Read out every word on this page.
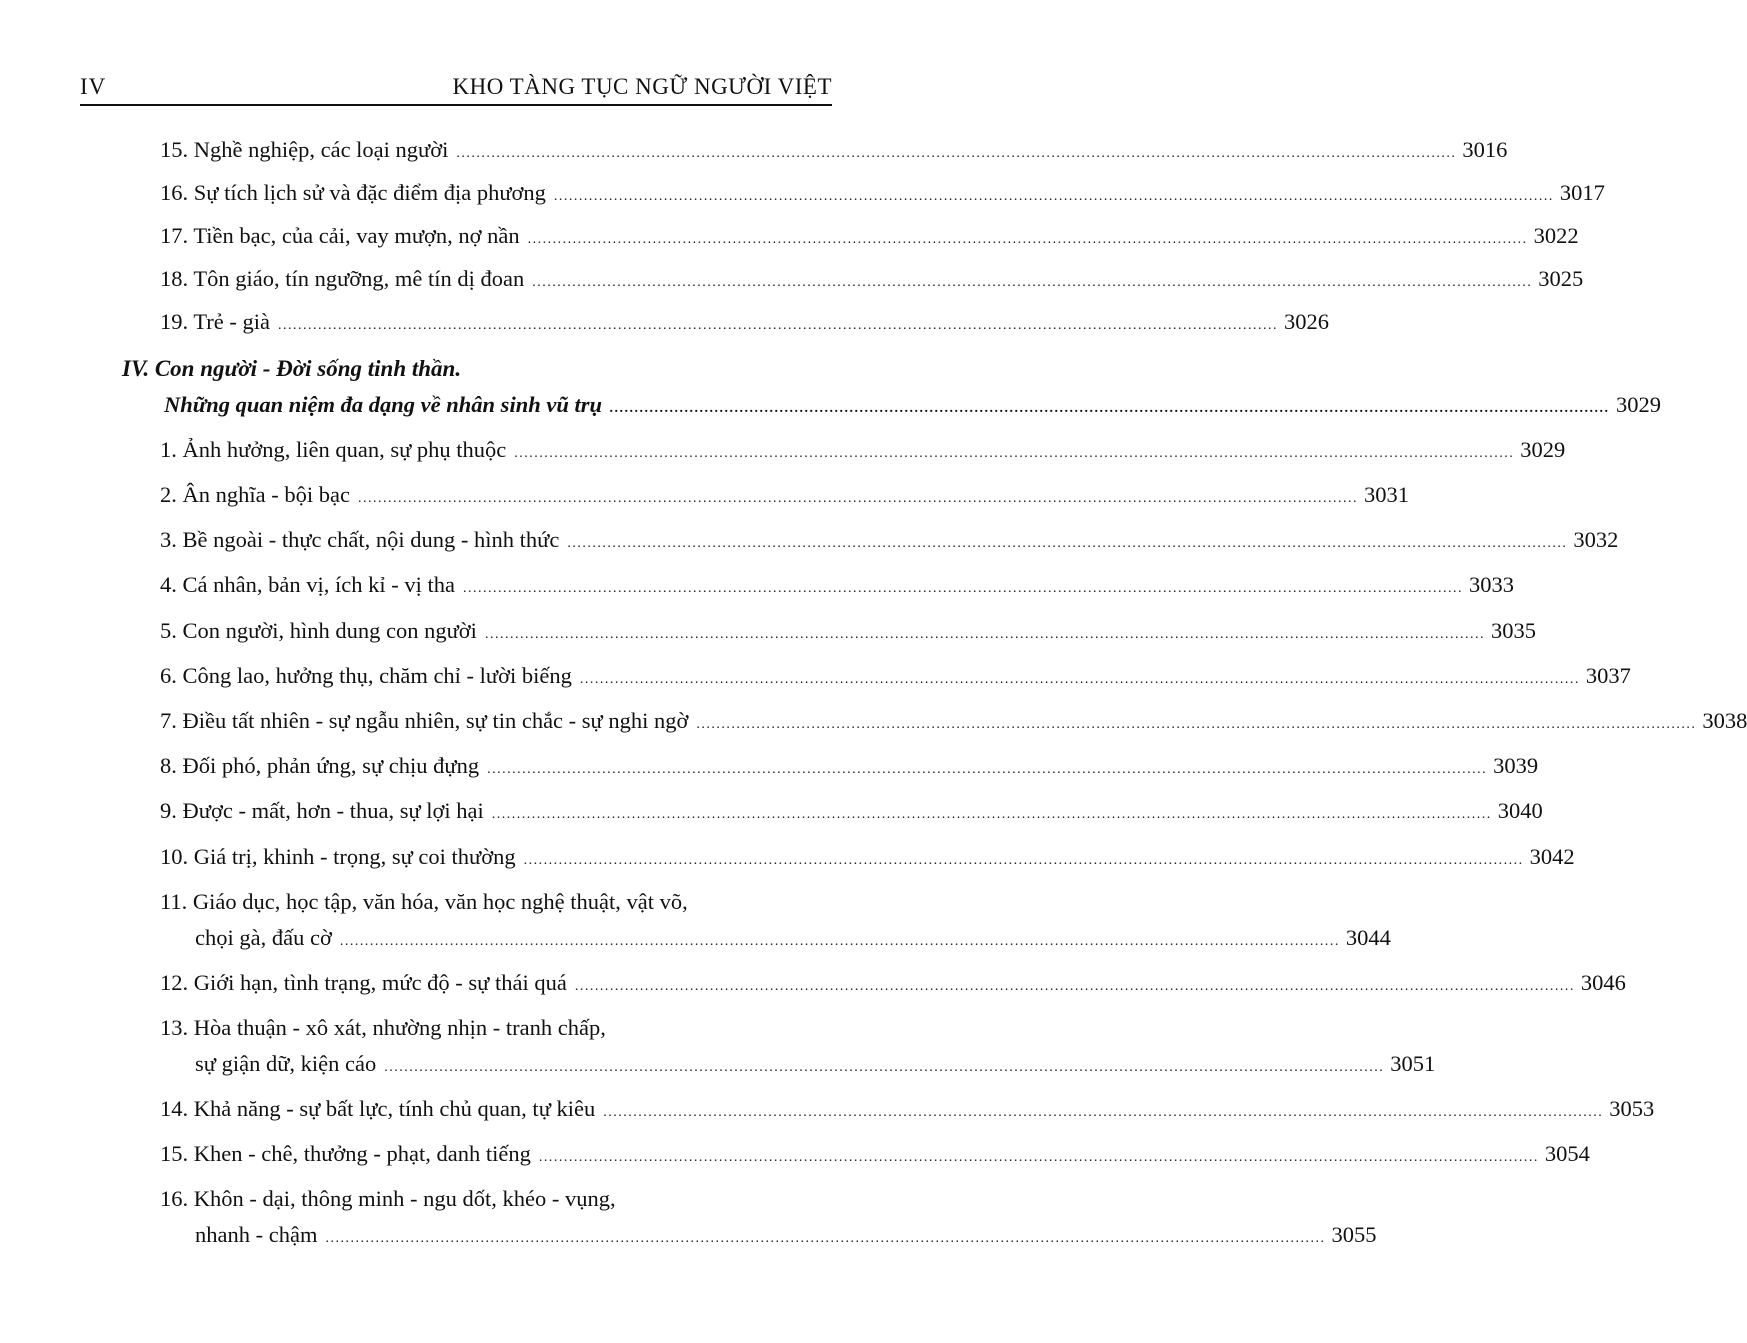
IV	KHO TÀNG TỤC NGỮ NGƯỜI VIỆT
15. Nghề nghiệp, các loại người ........................................................................................................................................................................................................ 3016
16. Sự tích lịch sử và đặc điểm địa phương ........................................................................................................................................................................................................ 3017
17. Tiền bạc, của cải, vay mượn, nợ nần ........................................................................................................................................................................................................ 3022
18. Tôn giáo, tín ngưỡng, mê tín dị đoan ........................................................................................................................................................................................................ 3025
19. Trẻ - già ........................................................................................................................................................................................................ 3026
IV. Con người - Đời sống tinh thần.
Những quan niệm đa dạng về nhân sinh vũ trụ ........................................................................................................................................................................................................ 3029
1. Ảnh hưởng, liên quan, sự phụ thuộc ........................................................................................................................................................................................................ 3029
2. Ân nghĩa - bội bạc ........................................................................................................................................................................................................ 3031
3. Bề ngoài - thực chất, nội dung - hình thức ........................................................................................................................................................................................................ 3032
4. Cá nhân, bản vị, ích kỉ - vị tha ........................................................................................................................................................................................................ 3033
5. Con người, hình dung con người ........................................................................................................................................................................................................ 3035
6. Công lao, hưởng thụ, chăm chỉ - lười biếng ........................................................................................................................................................................................................ 3037
7. Điều tất nhiên - sự ngẫu nhiên, sự tin chắc - sự nghi ngờ ........................................................................................................................................................................................................ 3038
8. Đối phó, phản ứng, sự chịu đựng ........................................................................................................................................................................................................ 3039
9. Được - mất, hơn - thua, sự lợi hại ........................................................................................................................................................................................................ 3040
10. Giá trị, khinh - trọng, sự coi thường ........................................................................................................................................................................................................ 3042
11. Giáo dục, học tập, văn hóa, văn học nghệ thuật, vật võ,
chọi gà, đấu cờ ........................................................................................................................................................................................................ 3044
12. Giới hạn, tình trạng, mức độ - sự thái quá ........................................................................................................................................................................................................ 3046
13. Hòa thuận - xô xát, nhường nhịn - tranh chấp,
sự giận dữ, kiện cáo ........................................................................................................................................................................................................ 3051
14. Khả năng - sự bất lực, tính chủ quan, tự kiêu ........................................................................................................................................................................................................ 3053
15. Khen - chê, thưởng - phạt, danh tiếng ........................................................................................................................................................................................................ 3054
16. Khôn - dại, thông minh - ngu dốt, khéo - vụng,
nhanh - chậm ........................................................................................................................................................................................................ 3055
